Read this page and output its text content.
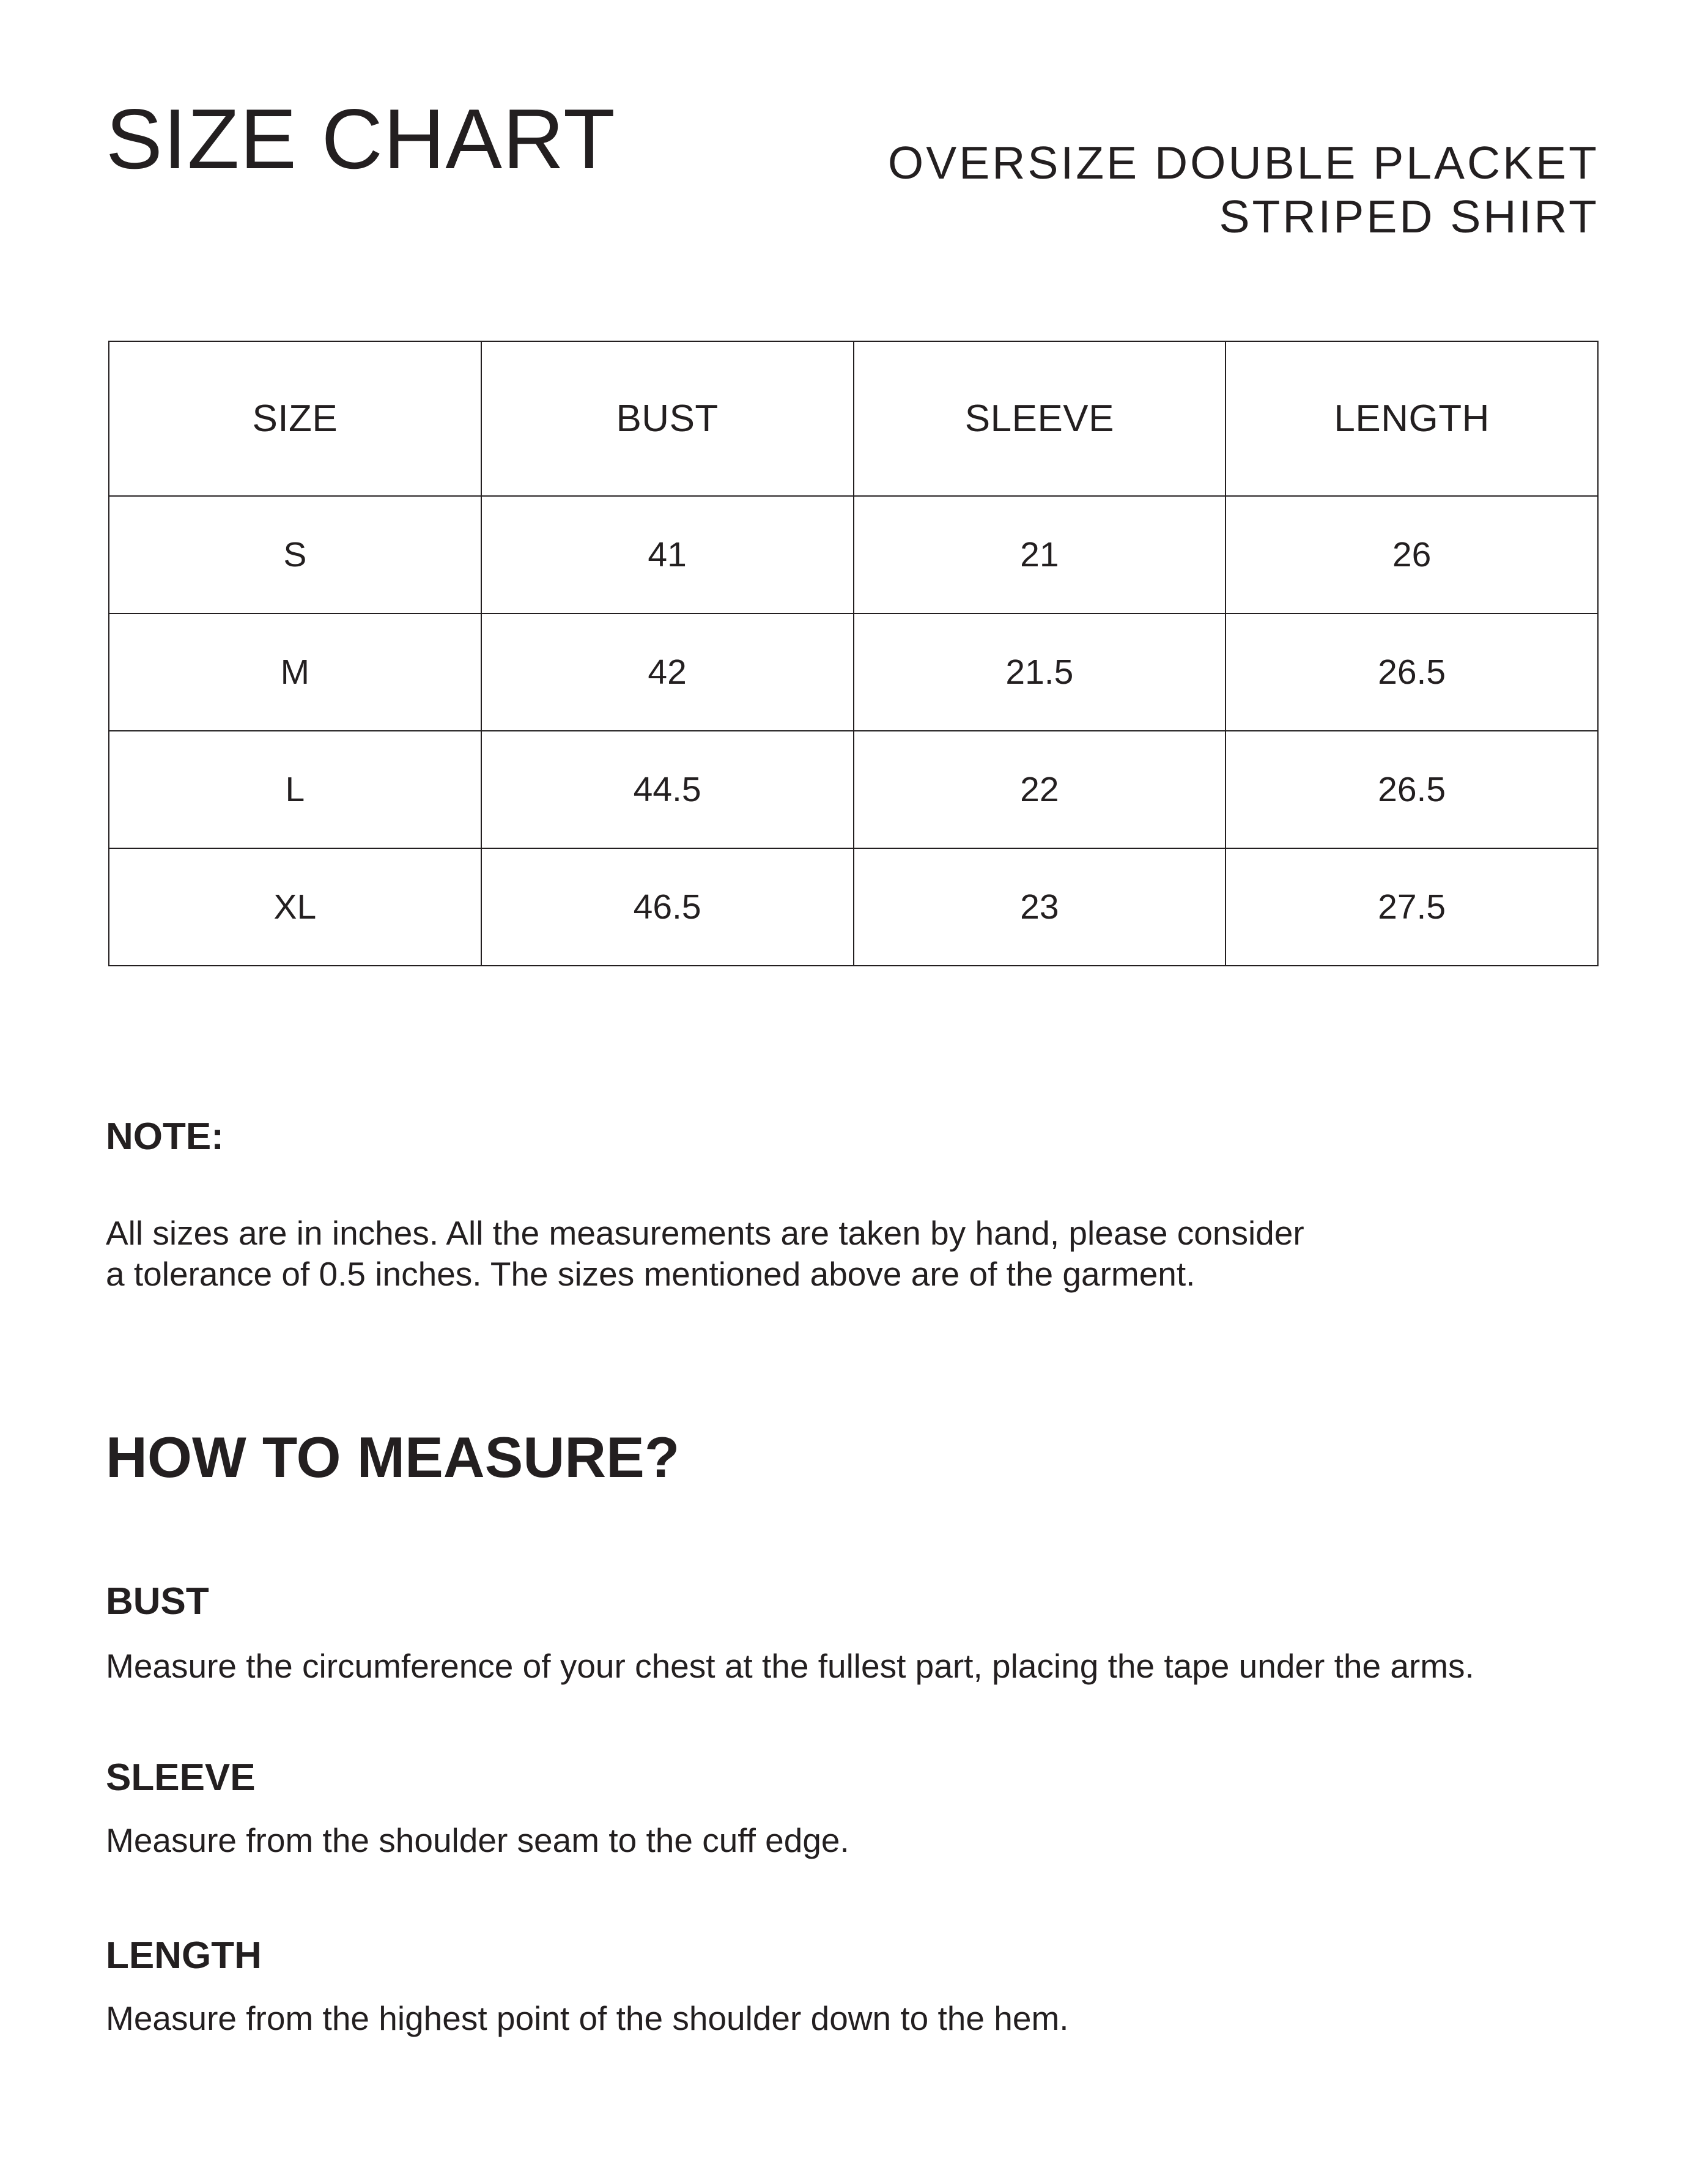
SIZE CHART	OVERSIZE DOUBLE PLACKET
STRIPED SHIRT
SIZE	BUST	SLEEVE	LENGTH
S	41	21	26
M	42	21.5	26.5
L	44.5	22	26.5
XL	46.5	23	27.5
NOTE:

All sizes are in inches. All the measurements are taken by hand, please consider
a tolerance of 0.5 inches. The sizes mentioned above are of the garment.

HOW TO MEASURE?
BUST

Measure the circumference of your chest at the fullest part, placing the tape under the arms.

SLEEVE

Measure from the shoulder seam to the cuff edge.

LENGTH

Measure from the highest point of the shoulder down to the hem.
